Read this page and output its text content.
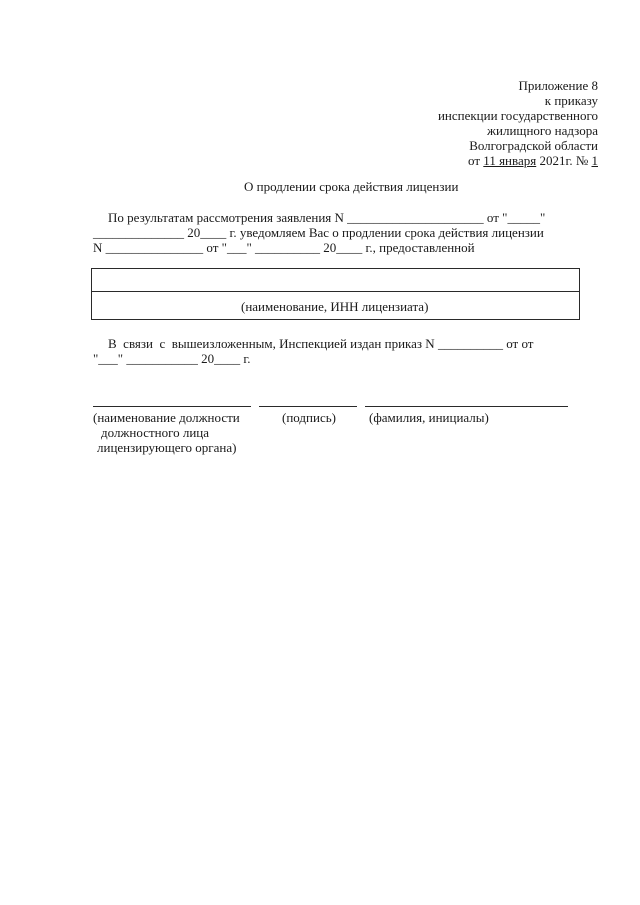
Приложение 8
к приказу
инспекции государственного
жилищного надзора
Волгоградской области
от 11 января 2021г. № 1
О продлении срока действия лицензии
По результатам рассмотрения заявления N _____________________ от "_____"
______________ 20____ г. уведомляем Вас о продлении срока действия лицензии
N _______________ от "___" __________ 20____ г., предоставленной
(наименование, ИНН лицензиата)
В  связи  с  вышеизложенным, Инспекцией издан приказ N __________ от от
"___" ___________ 20____ г.
(наименование должности
должностного лица
лицензирующего органа)
(подпись)	(фамилия, инициалы)
